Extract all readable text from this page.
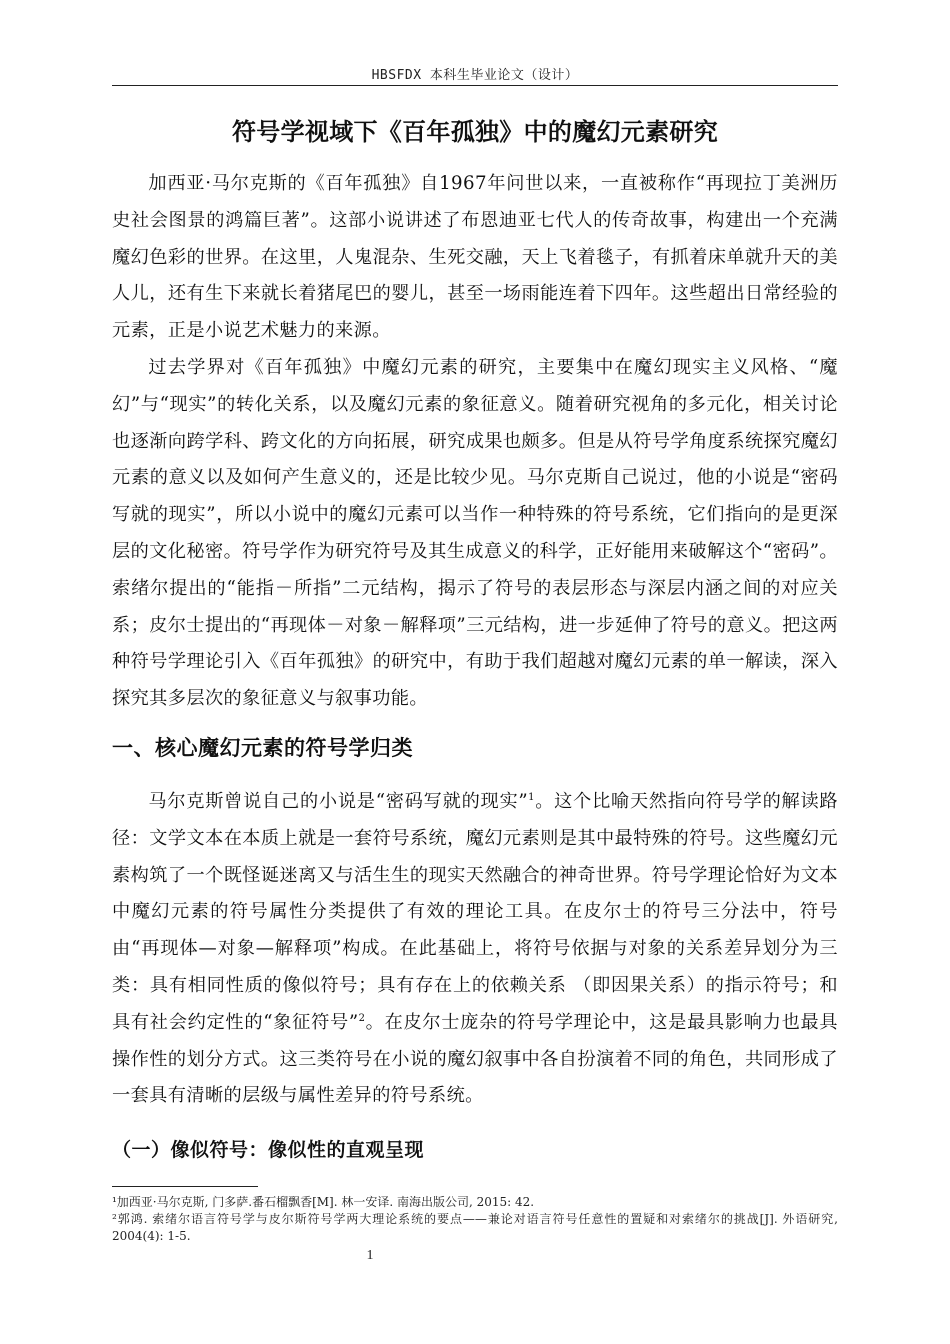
HBSFDX 本科生毕业论文（设计）
符号学视域下《百年孤独》中的魔幻元素研究

加西亚·马尔克斯的《百年孤独》自1967年问世以来，一直被称作“再现拉丁美洲历史社会图景的鸿篇巨著”。这部小说讲述了布恩迪亚七代人的传奇故事，构建出一个充满魔幻色彩的世界。在这里，人鬼混杂、生死交融，天上飞着毯子，有抓着床单就升天的美人儿，还有生下来就长着猪尾巴的婴儿，甚至一场雨能连着下四年。这些超出日常经验的元素，正是小说艺术魅力的来源。

过去学界对《百年孤独》中魔幻元素的研究，主要集中在魔幻现实主义风格、“魔幻”与“现实”的转化关系，以及魔幻元素的象征意义。随着研究视角的多元化，相关讨论也逐渐向跨学科、跨文化的方向拓展，研究成果也颇多。但是从符号学角度系统探究魔幻元素的意义以及如何产生意义的，还是比较少见。马尔克斯自己说过，他的小说是“密码写就的现实”，所以小说中的魔幻元素可以当作一种特殊的符号系统，它们指向的是更深层的文化秘密。符号学作为研究符号及其生成意义的科学，正好能用来破解这个“密码”。索绪尔提出的“能指－所指”二元结构，揭示了符号的表层形态与深层内涵之间的对应关系；皮尔士提出的“再现体－对象－解释项”三元结构，进一步延伸了符号的意义。把这两种符号学理论引入《百年孤独》的研究中，有助于我们超越对魔幻元素的单一解读，深入探究其多层次的象征意义与叙事功能。

一、核心魔幻元素的符号学归类

马尔克斯曾说自己的小说是“密码写就的现实”$^1$。这个比喻天然指向符号学的解读路径：文学文本在本质上就是一套符号系统，魔幻元素则是其中最特殊的符号。这些魔幻元素构筑了一个既怪诞迷离又与活生生的现实天然融合的神奇世界。符号学理论恰好为文本中魔幻元素的符号属性分类提供了有效的理论工具。在皮尔士的符号三分法中，符号由“再现体—对象—解释项”构成。在此基础上，将符号依据与对象的关系差异划分为三类：具有相同性质的像似符号；具有存在上的依赖关系 （即因果关系）的指示符号；和具有社会约定性的“象征符号”$^2$。在皮尔士庞杂的符号学理论中，这是最具影响力也最具操作性的划分方式。这三类符号在小说的魔幻叙事中各自扮演着不同的角色，共同形成了一套具有清晰的层级与属性差异的符号系统。

（一）像似符号：像似性的直观呈现

¹加西亚·马尔克斯, 门多萨.番石榴飘香[M]. 林一安译. 南海出版公司, 2015: 42.

²郭鸿. 索绪尔语言符号学与皮尔斯符号学两大理论系统的要点——兼论对语言符号任意性的置疑和对索绪尔的挑战[J]. 外语研究, 2004(4): 1-5.

1
